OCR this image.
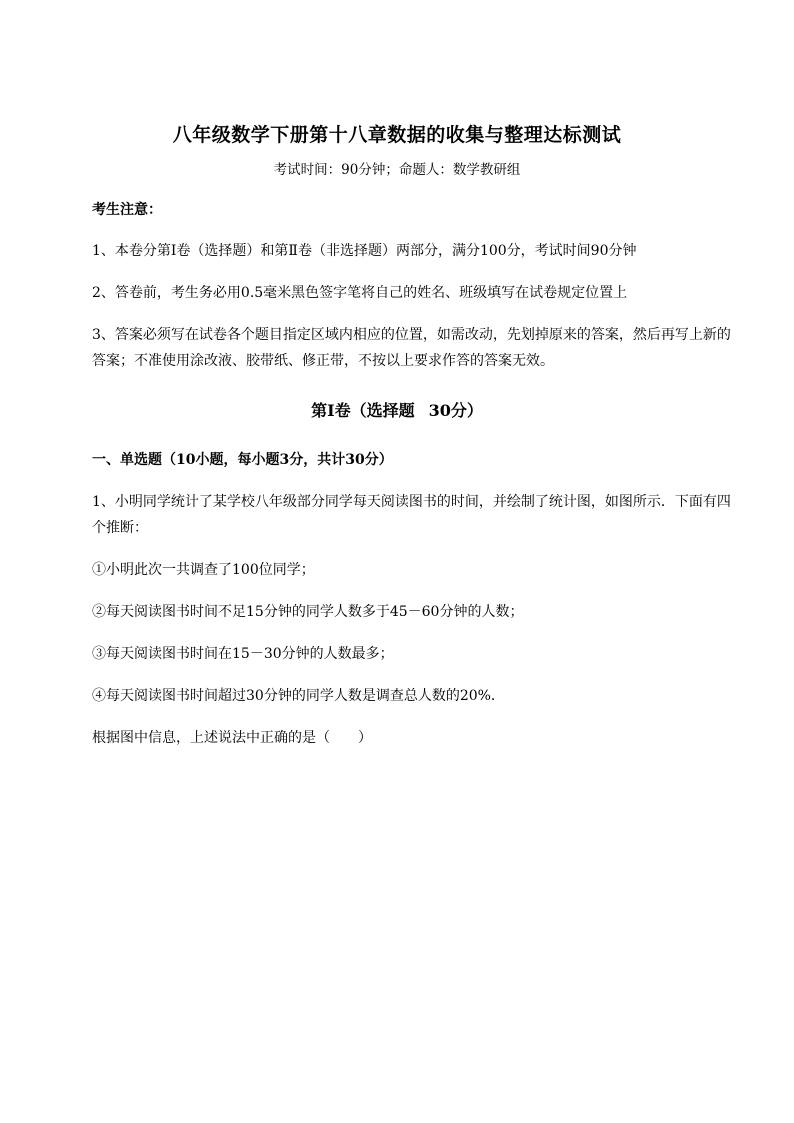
八年级数学下册第十八章数据的收集与整理达标测试
考试时间：90分钟；命题人：数学教研组
考生注意：
1、本卷分第I卷（选择题）和第Ⅱ卷（非选择题）两部分，满分100分，考试时间90分钟
2、答卷前，考生务必用0.5毫米黑色签字笔将自己的姓名、班级填写在试卷规定位置上
3、答案必须写在试卷各个题目指定区域内相应的位置，如需改动，先划掉原来的答案，然后再写上新的答案；不准使用涂改液、胶带纸、修正带，不按以上要求作答的答案无效。
第I卷（选择题 30分）
一、单选题（10小题，每小题3分，共计30分）
1、小明同学统计了某学校八年级部分同学每天阅读图书的时间，并绘制了统计图，如图所示．下面有四个推断：
①小明此次一共调查了100位同学；
②每天阅读图书时间不足15分钟的同学人数多于45－60分钟的人数；
③每天阅读图书时间在15－30分钟的人数最多；
④每天阅读图书时间超过30分钟的同学人数是调查总人数的20%．
根据图中信息，上述说法中正确的是（　　）
